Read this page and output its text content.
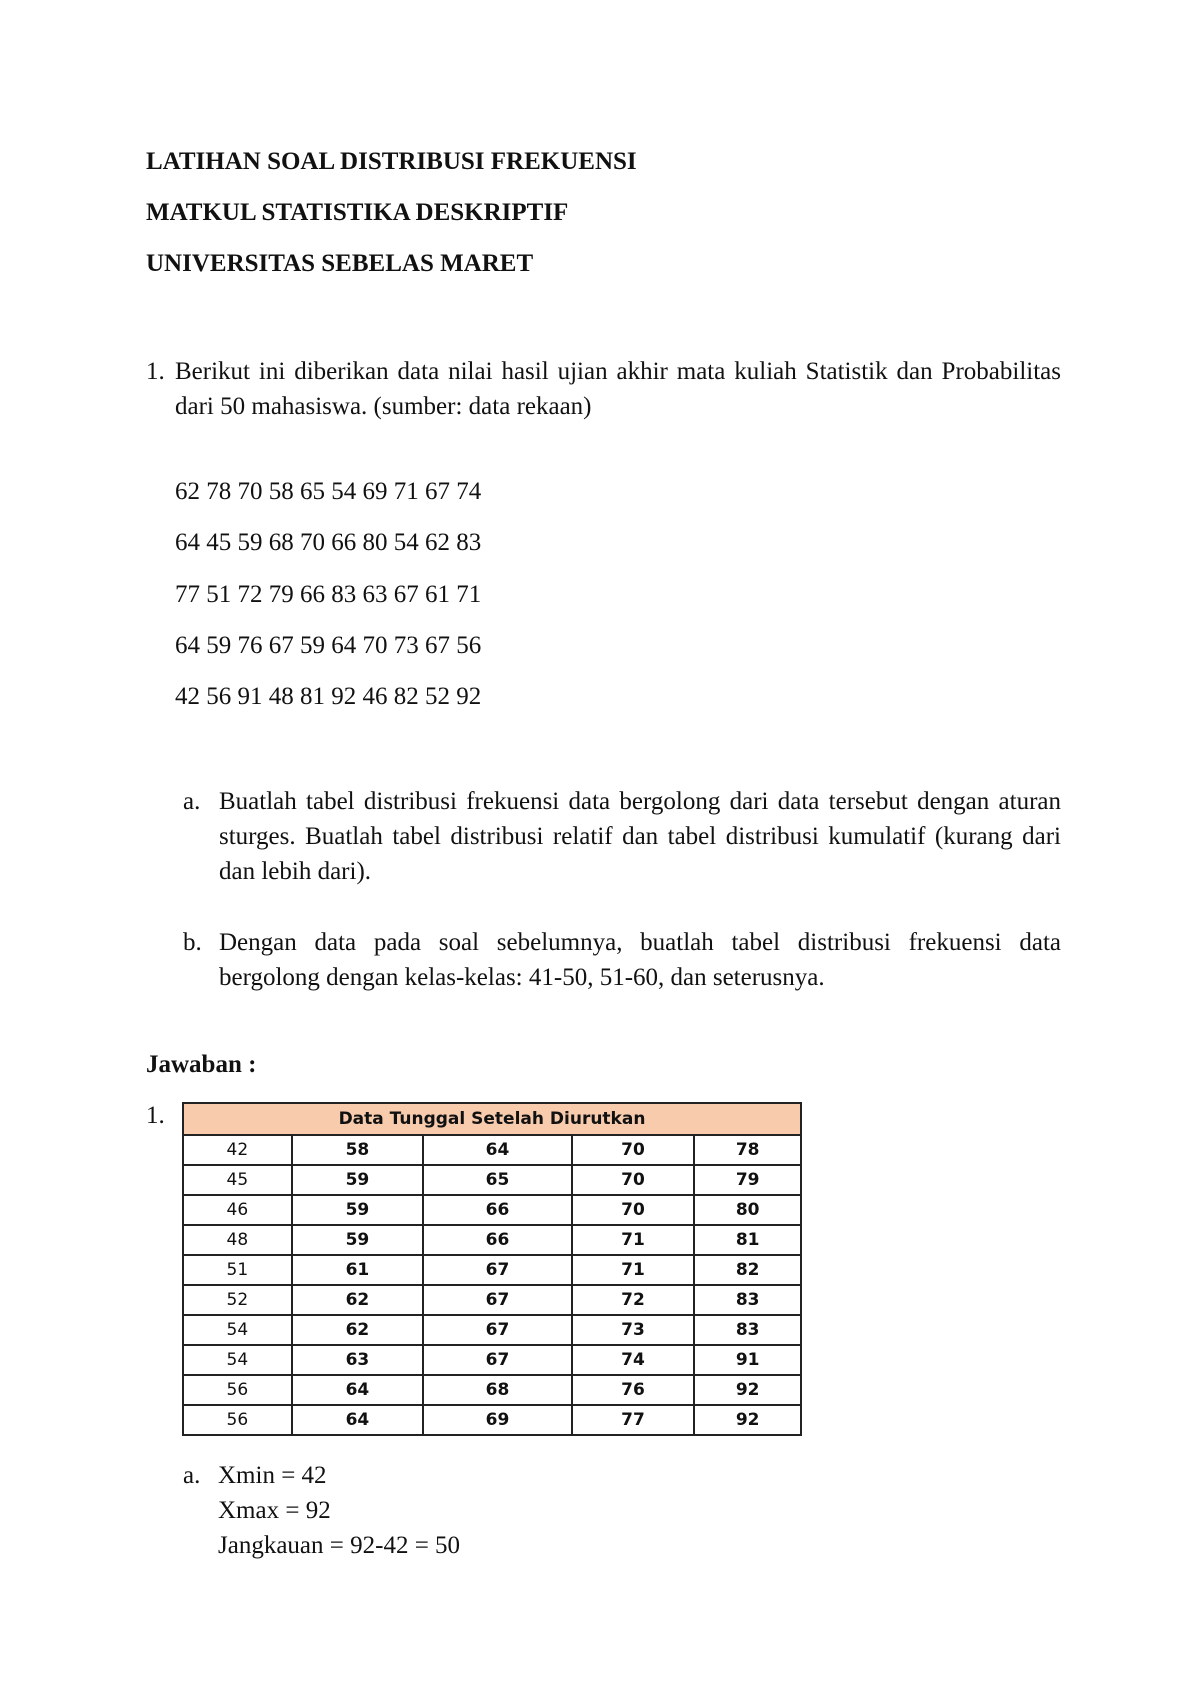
LATIHAN SOAL DISTRIBUSI FREKUENSI
MATKUL STATISTIKA DESKRIPTIF
UNIVERSITAS SEBELAS MARET
1. Berikut ini diberikan data nilai hasil ujian akhir mata kuliah Statistik dan Probabilitas dari 50 mahasiswa. (sumber: data rekaan)

62 78 70 58 65 54 69 71 67 74
64 45 59 68 70 66 80 54 62 83
77 51 72 79 66 83 63 67 61 71
64 59 76 67 59 64 70 73 67 56
42 56 91 48 81 92 46 82 52 92
a. Buatlah tabel distribusi frekuensi data bergolong dari data tersebut dengan aturan sturges. Buatlah tabel distribusi relatif dan tabel distribusi kumulatif (kurang dari dan lebih dari).

b. Dengan data pada soal sebelumnya, buatlah tabel distribusi frekuensi data bergolong dengan kelas-kelas: 41-50, 51-60, dan seterusnya.

Jawaban :
1.	Data Tunggal Setelah Diurutkan				
42	58	64	70	78
45	59	65	70	79
46	59	66	70	80
48	59	66	71	81
51	61	67	71	82
52	62	67	72	83
54	62	67	73	83
54	63	67	74	91
56	64	68	76	92
56	64	69	77	92
a. Xmin = 42
Xmax = 92
Jangkauan = 92-42 = 50
